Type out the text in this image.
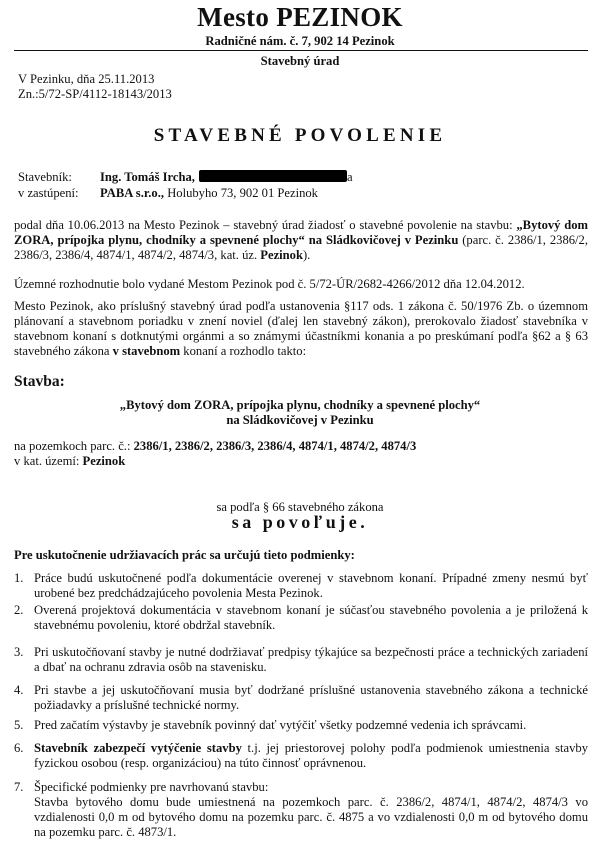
Mesto PEZINOK
Radničné nám. č. 7, 902 14 Pezinok
Stavebný úrad
V Pezinku, dňa 25.11.2013
Zn.:5/72-SP/4112-18143/2013
STAVEBNÉ POVOLENIE
Stavebník: Ing. Tomáš Ircha,	a
v zastúpení: PABA s.r.o., Holubyho 73, 902 01 Pezinok
podal dňa 10.06.2013 na Mesto Pezinok – stavebný úrad žiadosť o stavebné povolenie na stavbu: „Bytový dom ZORA, prípojka plynu, chodníky a spevnené plochy“ na Sládkovičovej v Pezinku (parc. č. 2386/1, 2386/2, 2386/3, 2386/4, 4874/1, 4874/2, 4874/3, kat. úz. Pezinok).
Územné rozhodnutie bolo vydané Mestom Pezinok pod č. 5/72-ÚR/2682-4266/2012 dňa 12.04.2012.
Mesto Pezinok, ako príslušný stavebný úrad podľa ustanovenia §117 ods. 1 zákona č. 50/1976 Zb. o územnom plánovaní a stavebnom poriadku v znení noviel (ďalej len stavebný zákon), prerokovalo žiadosť stavebníka v stavebnom konaní s dotknutými orgánmi a so známymi účastníkmi konania a po preskúmaní podľa §62 a § 63 stavebného zákona v stavebnom konaní a rozhodlo takto:
Stavba:
„Bytový dom ZORA, prípojka plynu, chodníky a spevnené plochy“
na Sládkovičovej v Pezinku
na pozemkoch parc. č.: 2386/1, 2386/2, 2386/3, 2386/4, 4874/1, 4874/2, 4874/3
v kat. území: Pezinok
sa podľa § 66 stavebného zákona
sa povoľuje.
Pre uskutočnenie udržiavacích prác sa určujú tieto podmienky:
1. Práce budú uskutočnené podľa dokumentácie overenej v stavebnom konaní. Prípadné zmeny nesmú byť urobené bez predchádzajúceho povolenia Mesta Pezinok.
2. Overená projektová dokumentácia v stavebnom konaní je súčasťou stavebného povolenia a je priložená k stavebnému povoleniu, ktoré obdržal stavebník.
3. Pri uskutočňovaní stavby je nutné dodržiavať predpisy týkajúce sa bezpečnosti práce a technických zariadení a dbať na ochranu zdravia osôb na stavenisku.
4. Pri stavbe a jej uskutočňovaní musia byť dodržané príslušné ustanovenia stavebného zákona a technické požiadavky a príslušné technické normy.
5. Pred začatím výstavby je stavebník povinný dať vytýčiť všetky podzemné vedenia ich správcami.
6. Stavebník zabezpečí vytýčenie stavby t.j. jej priestorovej polohy podľa podmienok umiestnenia stavby fyzickou osobou (resp. organizáciou) na túto činnosť oprávnenou.
7. Špecifické podmienky pre navrhovanú stavbu:
Stavba bytového domu bude umiestnená na pozemkoch parc. č. 2386/2, 4874/1, 4874/2, 4874/3 vo vzdialenosti 0,0 m od bytového domu na pozemku parc. č. 4875 a vo vzdialenosti 0,0 m od bytového domu na pozemku parc. č. 4873/1.
